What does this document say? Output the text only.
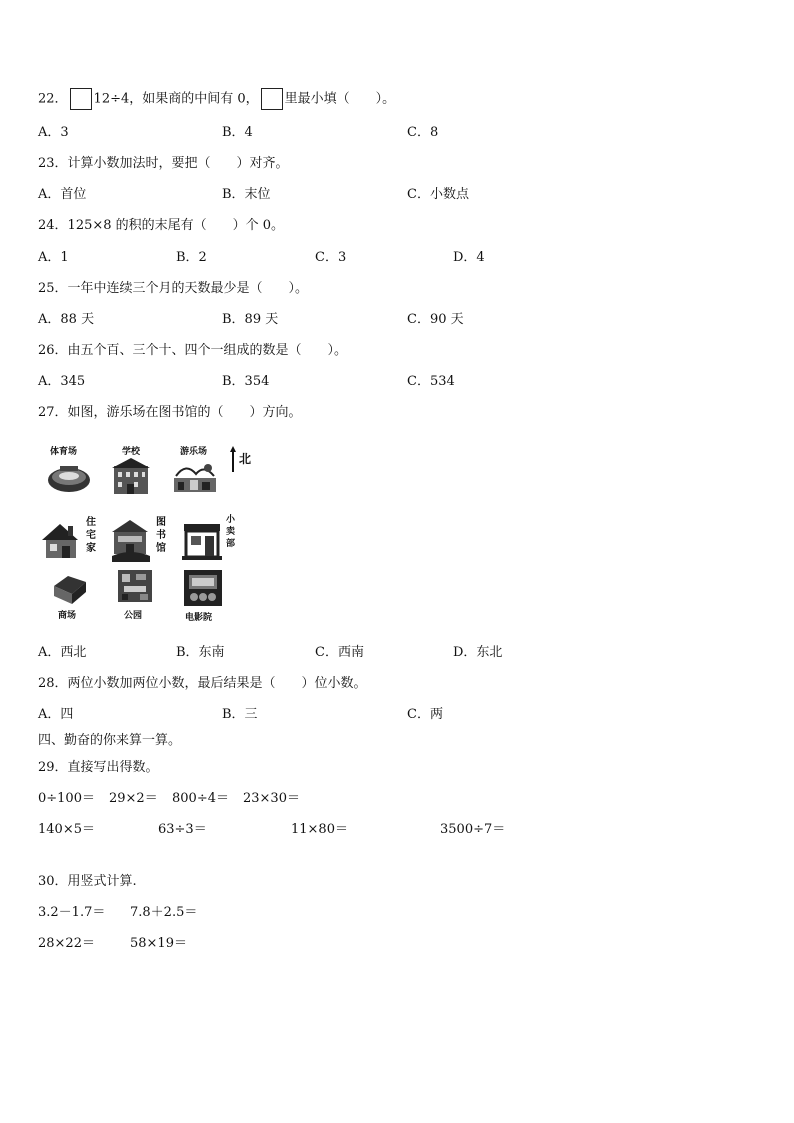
22． 12÷4，如果商的中间有 0， 里最小填（　　）。
A．3	B．4	C．8
23．计算小数加法时，要把（　　）对齐。
A．首位	B．末位	C．小数点
24．125×8 的积的末尾有（　　）个 0。
A．1	B．2	C．3	D．4
25．一年中连续三个月的天数最少是（　　）。
A．88 天	B．89 天	C．90 天
26．由五个百、三个十、四个一组成的数是（　　）。
A．345	B．354	C．534
27．如图，游乐场在图书馆的（　　）方向。
体育场	学校	游乐场	北
住
宅
家
图
书
馆
小
卖
部
商场	公园	电影院
A．西北	B．东南	C．西南	D．东北
28．两位小数加两位小数，最后结果是（　　）位小数。
A．四	B．三	C．两
四、勤奋的你来算一算。
29．直接写出得数。
0÷100＝ 29×2＝ 800÷4＝ 23×30＝
140×5＝	63÷3＝	11×80＝	3500÷7＝
30．用竖式计算.
3.2－1.7＝ 7.8＋2.5＝
28×22＝	58×19＝
